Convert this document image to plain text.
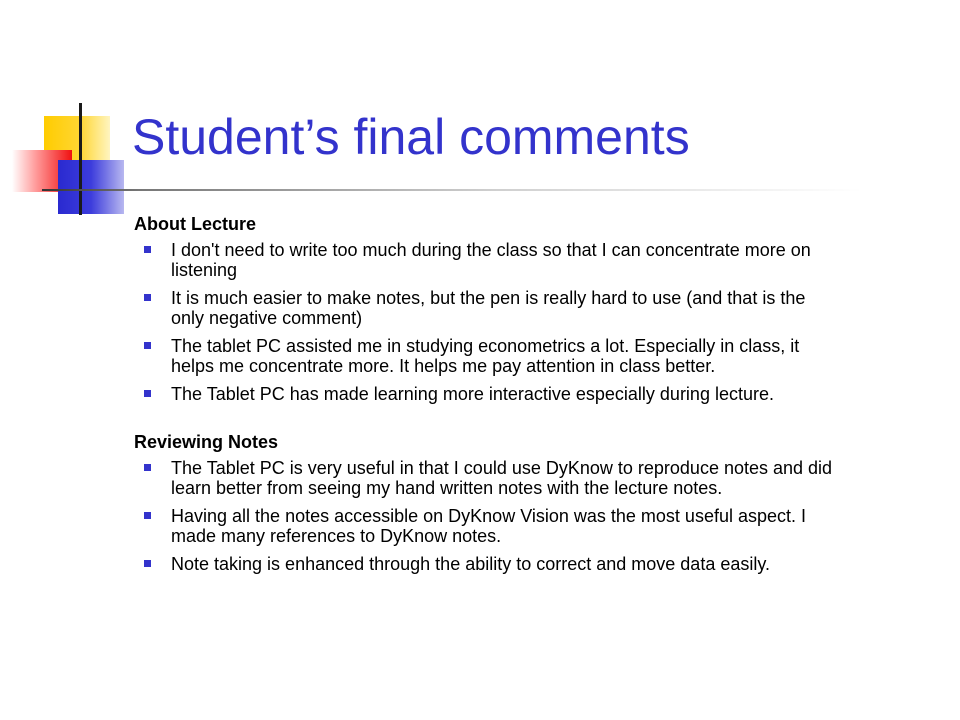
Student’s final comments
About Lecture
I don't need to write too much during the class so that I can concentrate more on listening
It is much easier to make notes, but the pen is really hard to use (and that is the only negative comment)
The tablet PC assisted me in studying econometrics a lot. Especially in class, it helps me concentrate more. It helps me pay attention in class better.
The Tablet PC has made learning more interactive especially during lecture.
Reviewing Notes
The Tablet PC is very useful in that I could use DyKnow to reproduce notes and did learn better from seeing my hand written notes with the lecture notes.
Having all the notes accessible on DyKnow Vision was the most useful aspect. I made many references to DyKnow notes.
Note taking is enhanced through the ability to correct and move data easily.
